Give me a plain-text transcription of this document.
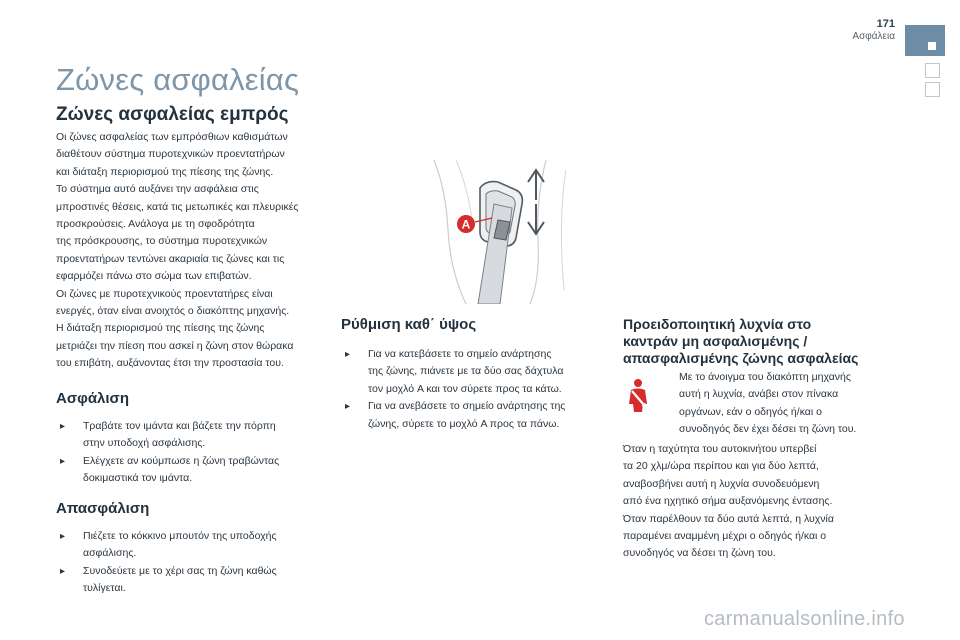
171
Ασφάλεια
Ζώνες ασφαλείας
Ζώνες ασφαλείας εμπρός

Οι ζώνες ασφαλείας των εμπρόσθιων καθισμάτων

διαθέτουν σύστημα πυροτεχνικών προεντατήρων

και διάταξη περιορισμού της πίεσης της ζώνης.

Το σύστημα αυτό αυξάνει την ασφάλεια στις

μπροστινές θέσεις, κατά τις μετωπικές και πλευρικές

προσκρούσεις. Ανάλογα με τη σφοδρότητα

της πρόσκρουσης, το σύστημα πυροτεχνικών

προεντατήρων τεντώνει ακαριαία τις ζώνες και τις

εφαρμόζει πάνω στο σώμα των επιβατών.

Οι ζώνες με πυροτεχνικούς προεντατήρες είναι

ενεργές, όταν είναι ανοιχτός ο διακόπτης μηχανής.

Η διάταξη περιορισμού της πίεσης της ζώνης

μετριάζει την πίεση που ασκεί η ζώνη στον θώρακα

του επιβάτη, αυξάνοντας έτσι την προστασία του.

Ασφάλιση
▸ Τραβάτε τον ιμάντα και βάζετε την πόρπη
στην υποδοχή ασφάλισης.
▸ Ελέγχετε αν κούμπωσε η ζώνη τραβώντας
δοκιμαστικά τον ιμάντα.
Απασφάλιση
▸ Πιέζετε το κόκκινο μπουτόν της υποδοχής
ασφάλισης.
▸ Συνοδεύετε με το χέρι σας τη ζώνη καθώς
τυλίγεται.
A
Ρύθμιση καθ΄ ύψος
▸ Για να κατεβάσετε το σημείο ανάρτησης
της ζώνης, πιάνετε με τα δύο σας δάχτυλα
τον μοχλό A και τον σύρετε προς τα κάτω.
▸ Για να ανεβάσετε το σημείο ανάρτησης της
ζώνης, σύρετε το μοχλό A προς τα πάνω.
Προειδοποιητική λυχνία στο
καντράν μη ασφαλισμένης /
απασφαλισμένης ζώνης ασφαλείας

Με το άνοιγμα του διακόπτη μηχανής

αυτή η λυχνία, ανάβει στον πίνακα

οργάνων, εάν ο οδηγός ή/και ο

συνοδηγός δεν έχει δέσει τη ζώνη του.

Όταν η ταχύτητα του αυτοκινήτου υπερβεί

τα 20 χλμ/ώρα περίπου και για δύο λεπτά,

αναβοσβήνει αυτή η λυχνία συνοδευόμενη

από ένα ηχητικό σήμα αυξανόμενης έντασης.

Όταν παρέλθουν τα δύο αυτά λεπτά, η λυχνία

παραμένει αναμμένη μέχρι ο οδηγός ή/και ο

συνοδηγός να δέσει τη ζώνη του.

carmanualsonline.info
